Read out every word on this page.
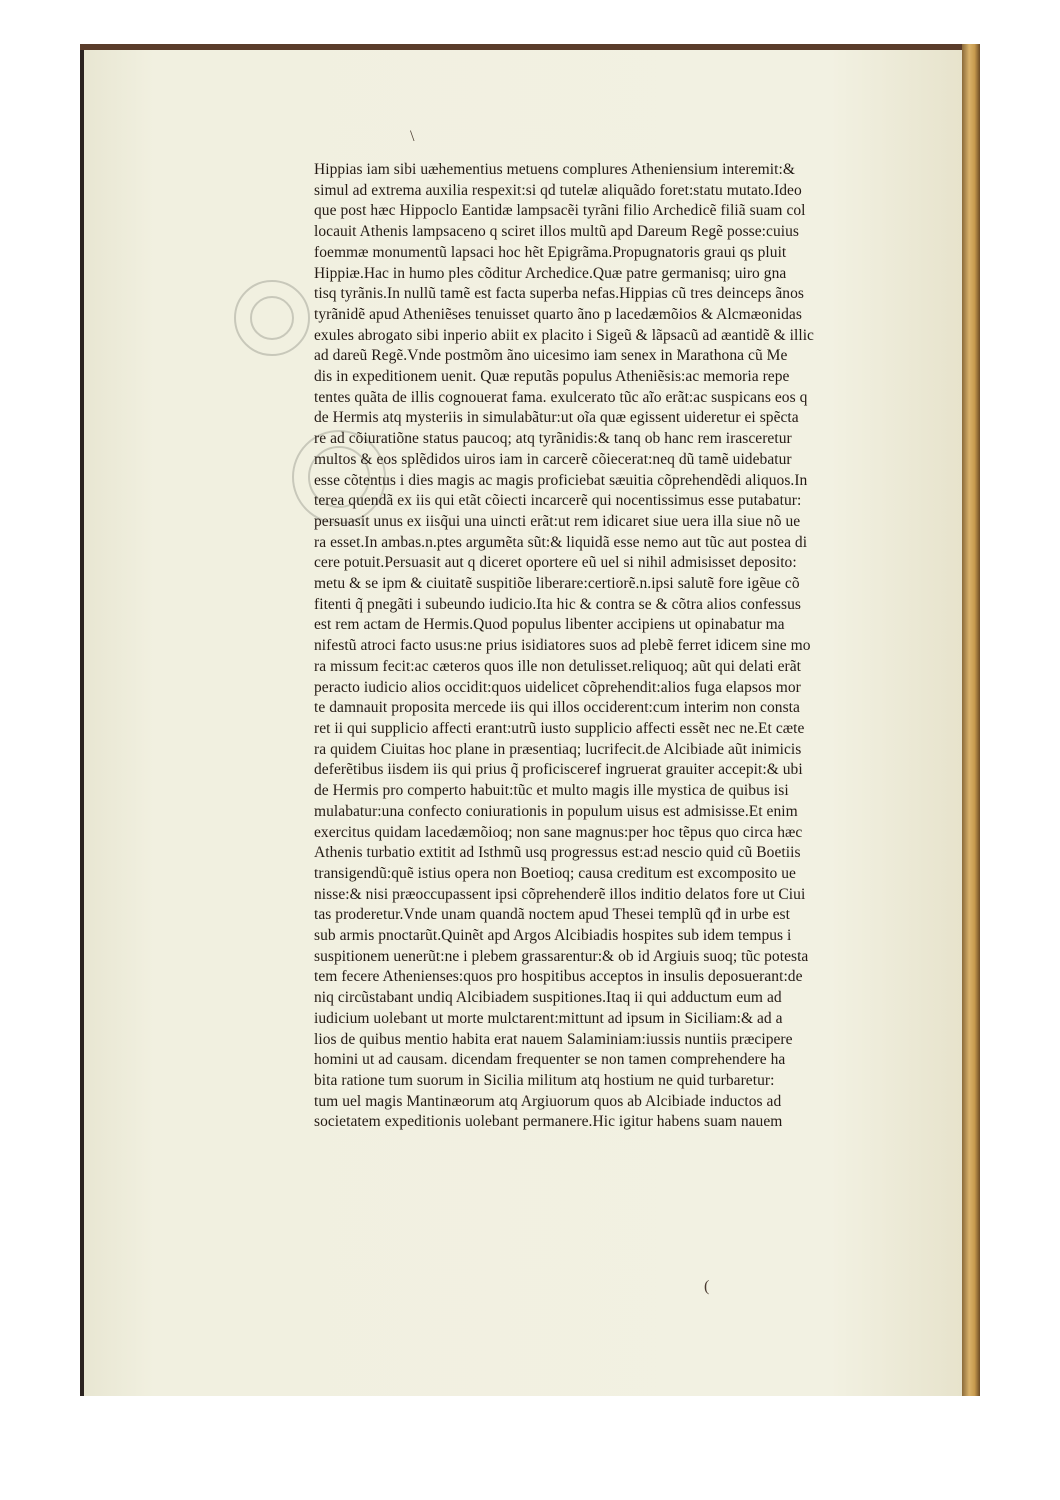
\
(
Hippias iam sibi uæhementius metuens complures Atheniensium interemit:&
simul ad extrema auxilia respexit:si qd tutelæ aliquãdo foret:statu mutato.Ideo
que post hæc Hippoclo Eantidæ lampsacẽi tyrãni filio Archedicẽ filiã suam col
locauit Athenis lampsaceno q sciret illos multũ apd Dareum Regẽ posse:cuius
foemmæ monumentũ lapsaci hoc hẽt Epigrãma.Propugnatoris graui qs pluit
Hippiæ.Hac in humo ples cõditur Archedice.Quæ patre germanisq; uiro gna
tisq tyrãnis.In nullũ tamẽ est facta superba nefas.Hippias cũ tres deinceps ãnos
tyrãnidẽ apud Atheniẽses tenuisset quarto ãno p lacedæmõios & Alcmæonidas
exules abrogato sibi inperio abiit ex placito i Sigeũ & lãpsacũ ad æantidẽ & illic
ad dareũ Regẽ.Vnde postmõm ãno uicesimo iam senex in Marathona cũ Me
dis in expeditionem uenit. Quæ reputãs populus Atheniẽsis:ac memoria repe
tentes quãta de illis cognouerat fama. exulcerato tũc aĩo erãt:ac suspicans eos q
de Hermis atq mysteriis in simulabãtur:ut oĩa quæ egissent uideretur ei spẽcta
re ad cõiuratiõne status paucoq; atq tyrãnidis:& tanq ob hanc rem irasceretur
multos & eos splẽdidos uiros iam in carcerẽ cõiecerat:neq dũ tamẽ uidebatur
esse cõtentus i dies magis ac magis proficiebat sæuitia cõprehendẽdi aliquos.In
terea quendã ex iis qui etãt cõiecti incarcerẽ qui nocentissimus esse putabatur:
persuasit unus ex iisq̃ui una uincti erãt:ut rem idicaret siue uera illa siue nõ ue
ra esset.In ambas.n.ptes argumẽta sũt:& liquidã esse nemo aut tũc aut postea di
cere potuit.Persuasit aut q diceret oportere eũ uel si nihil admisisset deposito:
metu & se ipm & ciuitatẽ suspitiõe liberare:certiorẽ.n.ipsi salutẽ fore igẽue cõ
fitenti q̃ pnegãti i subeundo iudicio.Ita hic & contra se & cõtra alios confessus
est rem actam de Hermis.Quod populus libenter accipiens ut opinabatur ma
nifestũ atroci facto usus:ne prius isidiatores suos ad plebẽ ferret idicem sine mo
ra missum fecit:ac cæteros quos ille non detulisset.reliquoq; aũt qui delati erãt
peracto iudicio alios occidit:quos uidelicet cõprehendit:alios fuga elapsos mor
te damnauit proposita mercede iis qui illos occiderent:cum interim non consta
ret ii qui supplicio affecti erant:utrũ iusto supplicio affecti essẽt nec ne.Et cæte
ra quidem Ciuitas hoc plane in præsentiaq; lucrifecit.de Alcibiade aũt inimicis
deferẽtibus iisdem iis qui prius q̃ proficisceref ingruerat grauiter accepit:& ubi
de Hermis pro comperto habuit:tũc et multo magis ille mystica de quibus isi
mulabatur:una confecto coniurationis in populum uisus est admisisse.Et enim
exercitus quidam lacedæmõioq; non sane magnus:per hoc tẽpus quo circa hæc
Athenis turbatio extitit ad Isthmũ usq progressus est:ad nescio quid cũ Boetiis
transigendũ:quẽ istius opera non Boetioq; causa creditum est excomposito ue
nisse:& nisi præoccupassent ipsi cõprehenderẽ illos inditio delatos fore ut Ciui
tas proderetur.Vnde unam quandã noctem apud Thesei templũ qđ in urbe est
sub armis pnoctarũt.Quinẽt apd Argos Alcibiadis hospites sub idem tempus i
suspitionem uenerũt:ne i plebem grassarentur:& ob id Argiuis suoq; tũc potesta
tem fecere Athenienses:quos pro hospitibus acceptos in insulis deposuerant:de
niq circũstabant undiq Alcibiadem suspitiones.Itaq ii qui adductum eum ad
iudicium uolebant ut morte mulctarent:mittunt ad ipsum in Siciliam:& ad a
lios de quibus mentio habita erat nauem Salaminiam:iussis nuntiis præcipere
homini ut ad causam. dicendam frequenter se non tamen comprehendere ha
bita ratione tum suorum in Sicilia militum atq hostium ne quid turbaretur:
tum uel magis Mantinæorum atq Argiuorum quos ab Alcibiade inductos ad
societatem expeditionis uolebant permanere.Hic igitur habens suam nauem
